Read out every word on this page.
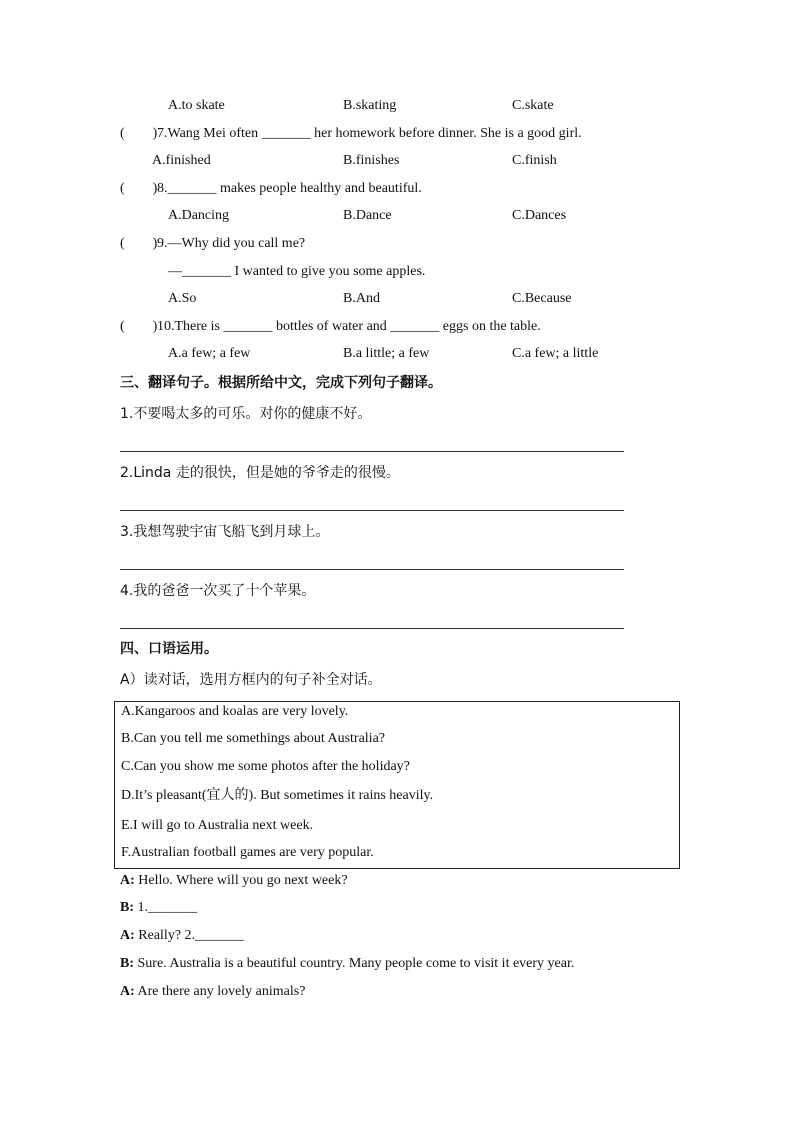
A.to skate	B.skating	C.skate
(        ) 7.Wang Mei often _______ her homework before dinner. She is a good girl.
A.finished	B.finishes	C.finish
(        ) 8._______ makes people healthy and beautiful.
A.Dancing	B.Dance	C.Dances
(        ) 9.—Why did you call me?
—_______ I wanted to give you some apples.
A.So	B.And	C.Because
(        ) 10.There is _______ bottles of water and _______ eggs on the table.
A.a few; a few	B.a little; a few	C.a few; a little
三、翻译句子。根据所给中文，完成下列句子翻译。
1.不要喝太多的可乐。对你的健康不好。
2.Linda 走的很快，但是她的爷爷走的很慢。
3.我想驾驶宇宙飞船飞到月球上。
4.我的爸爸一次买了十个苹果。
四、口语运用。
A）读对话，选用方框内的句子补全对话。
A.Kangaroos and koalas are very lovely.
B.Can you tell me somethings about Australia?
C.Can you show me some photos after the holiday?
D.It’s pleasant(宜人的). But sometimes it rains heavily.
E.I will go to Australia next week.
F.Australian football games are very popular.
A: Hello. Where will you go next week?
B: 1._______
A: Really? 2._______
B: Sure. Australia is a beautiful country. Many people come to visit it every year.
A: Are there any lovely animals?
